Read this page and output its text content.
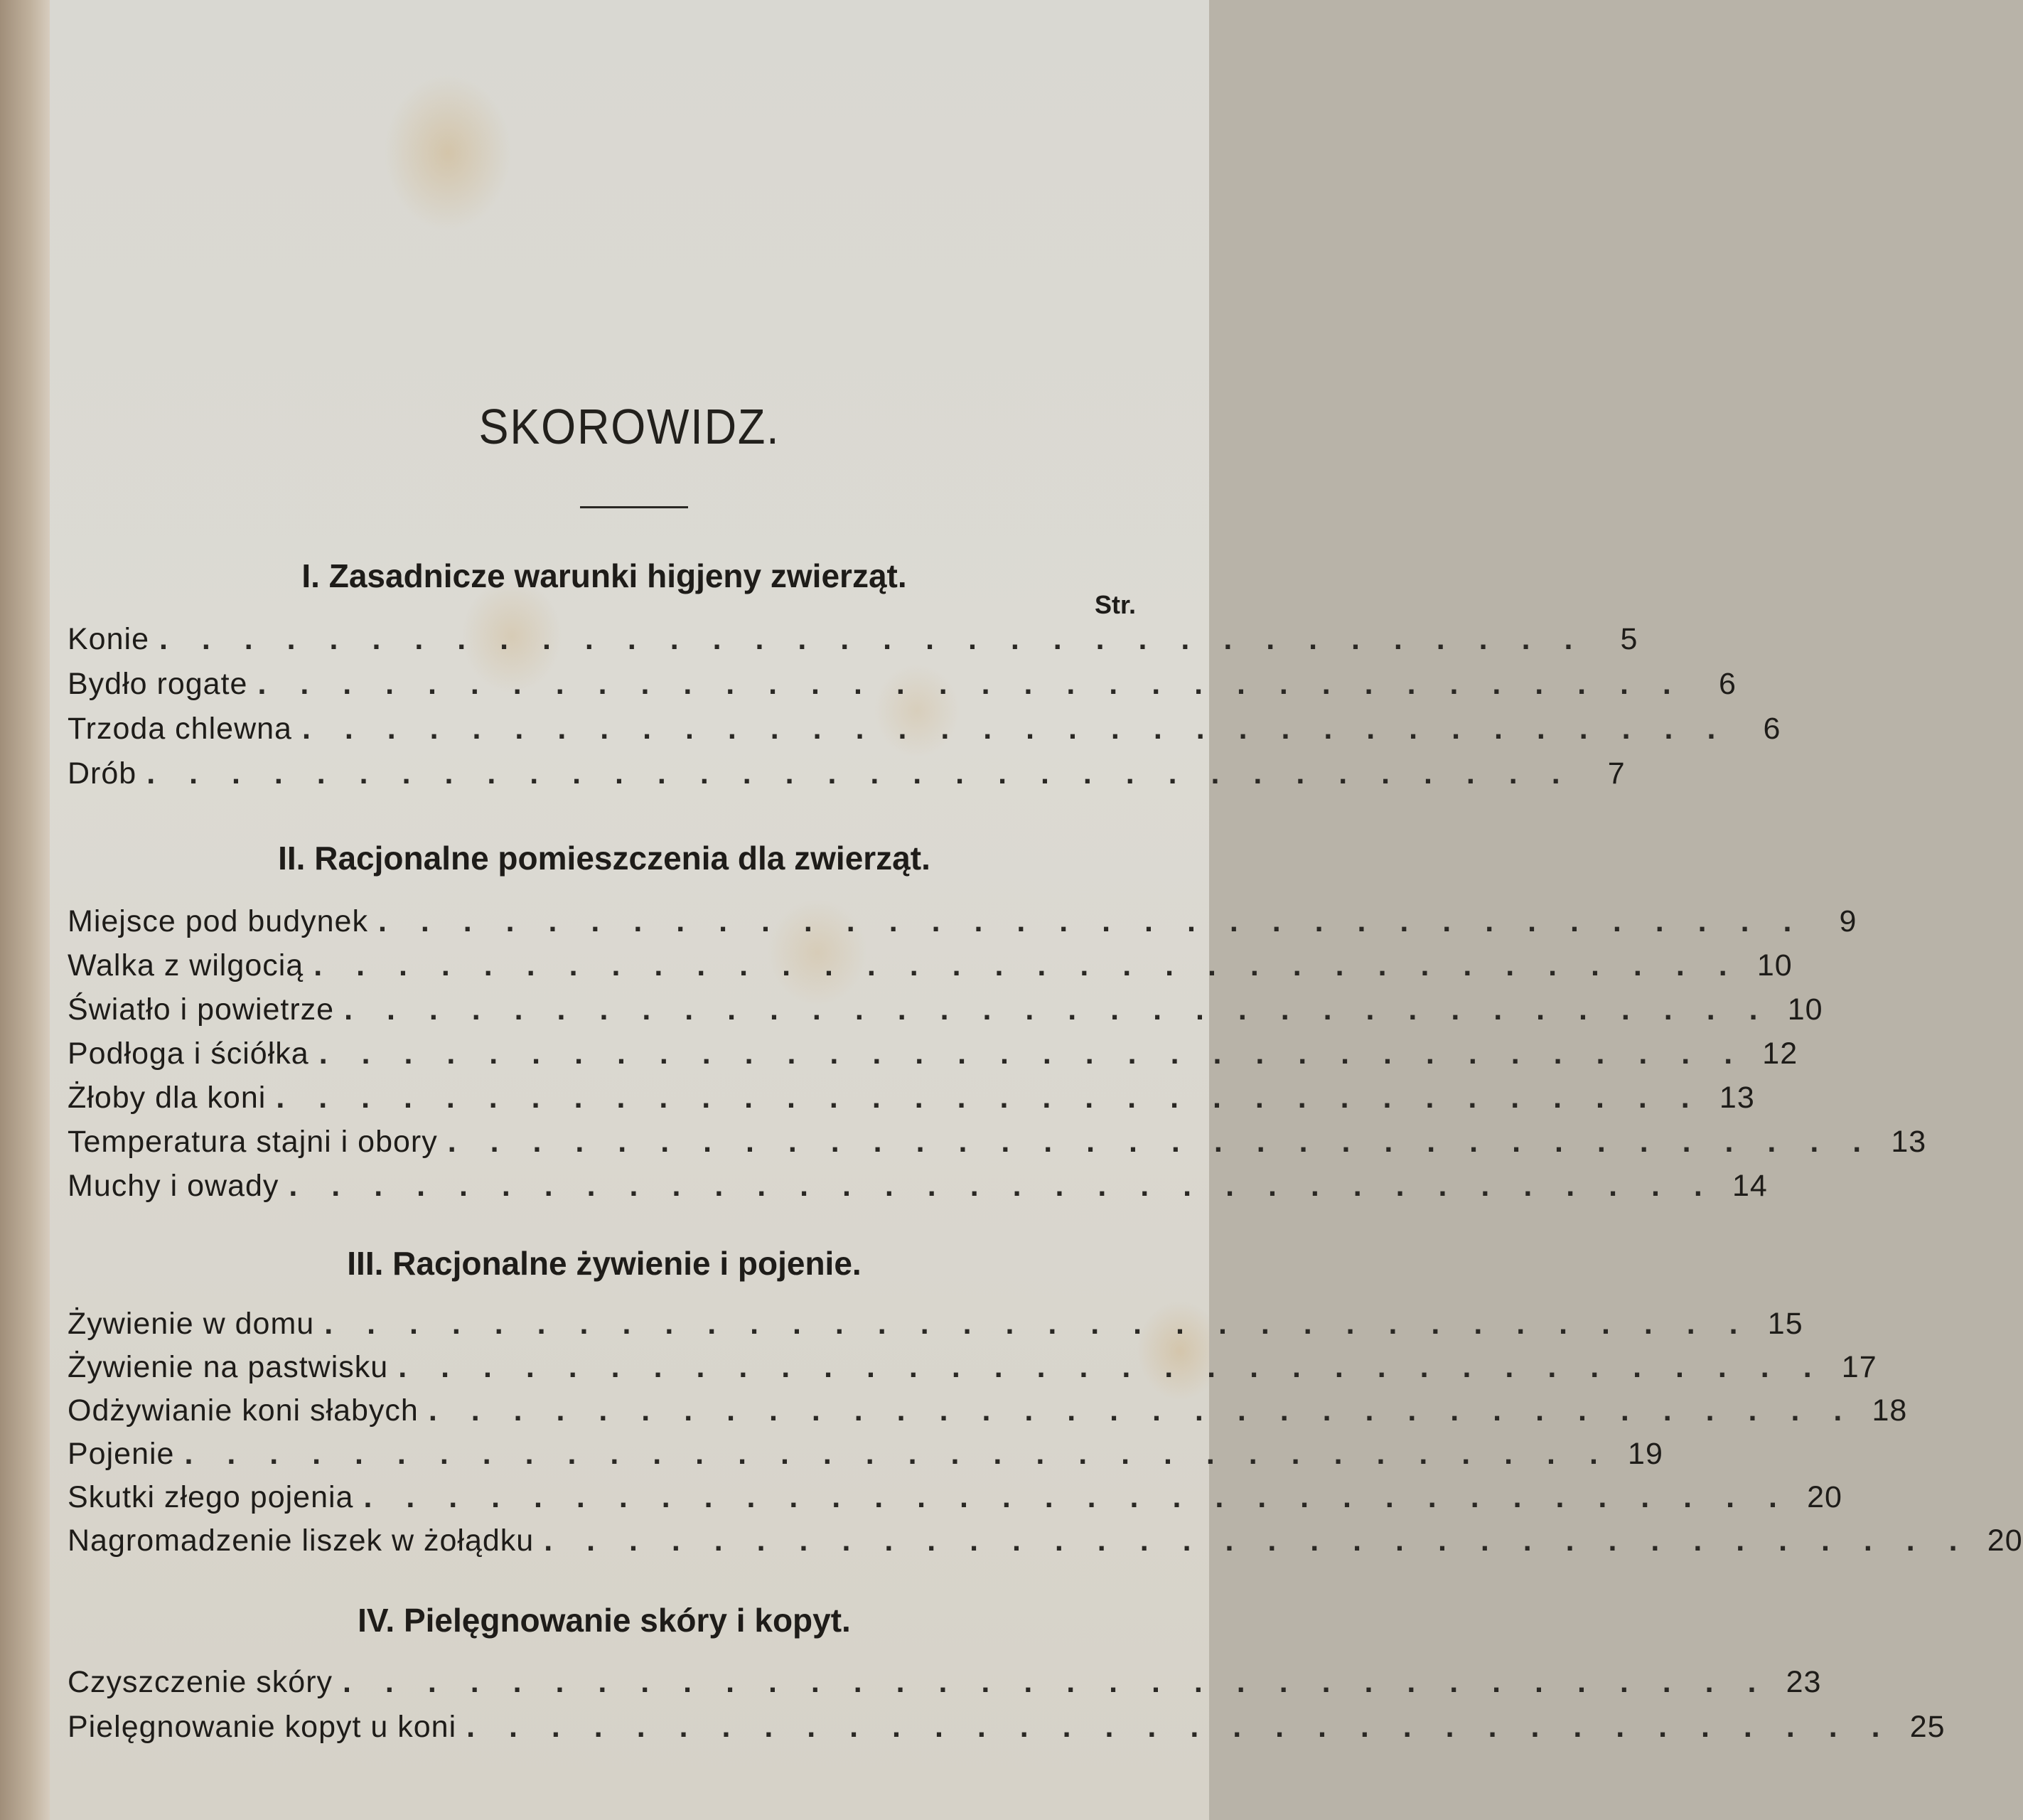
SKOROWIDZ.
I. Zasadnicze warunki higjeny zwierząt.
Str.
Konie . . . . . . . . . . . . . . . . . . . . . . . . . . . . . . . . . .	5
Bydło rogate . . . . . . . . . . . . . . . . . . . . . . . . . . . . . . . . . .	6
Trzoda chlewna . . . . . . . . . . . . . . . . . . . . . . . . . . . . . . . . . .	6
Drób . . . . . . . . . . . . . . . . . . . . . . . . . . . . . . . . . .	7
II. Racjonalne pomieszczenia dla zwierząt.
Miejsce pod budynek . . . . . . . . . . . . . . . . . . . . . . . . . . . . . . . . . .	9
Walka z wilgocią . . . . . . . . . . . . . . . . . . . . . . . . . . . . . . . . . . 10
Światło i powietrze . . . . . . . . . . . . . . . . . . . . . . . . . . . . . . . . . . 10
Podłoga i ściółka . . . . . . . . . . . . . . . . . . . . . . . . . . . . . . . . . . 12
Żłoby dla koni . . . . . . . . . . . . . . . . . . . . . . . . . . . . . . . . . . 13
Temperatura stajni i obory . . . . . . . . . . . . . . . . . . . . . . . . . . . . . . . . . . 13
Muchy i owady . . . . . . . . . . . . . . . . . . . . . . . . . . . . . . . . . . 14
III. Racjonalne żywienie i pojenie.
Żywienie w domu . . . . . . . . . . . . . . . . . . . . . . . . . . . . . . . . . . 15
Żywienie na pastwisku . . . . . . . . . . . . . . . . . . . . . . . . . . . . . . . . . . 17
Odżywianie koni słabych . . . . . . . . . . . . . . . . . . . . . . . . . . . . . . . . . . 18
Pojenie . . . . . . . . . . . . . . . . . . . . . . . . . . . . . . . . . . 19
Skutki złego pojenia . . . . . . . . . . . . . . . . . . . . . . . . . . . . . . . . . . 20
Nagromadzenie liszek w żołądku . . . . . . . . . . . . . . . . . . . . . . . . . . . . . . . . . . 20
IV. Pielęgnowanie skóry i kopyt.
Czyszczenie skóry . . . . . . . . . . . . . . . . . . . . . . . . . . . . . . . . . . 23
Pielęgnowanie kopyt u koni . . . . . . . . . . . . . . . . . . . . . . . . . . . . . . . . . . 25
